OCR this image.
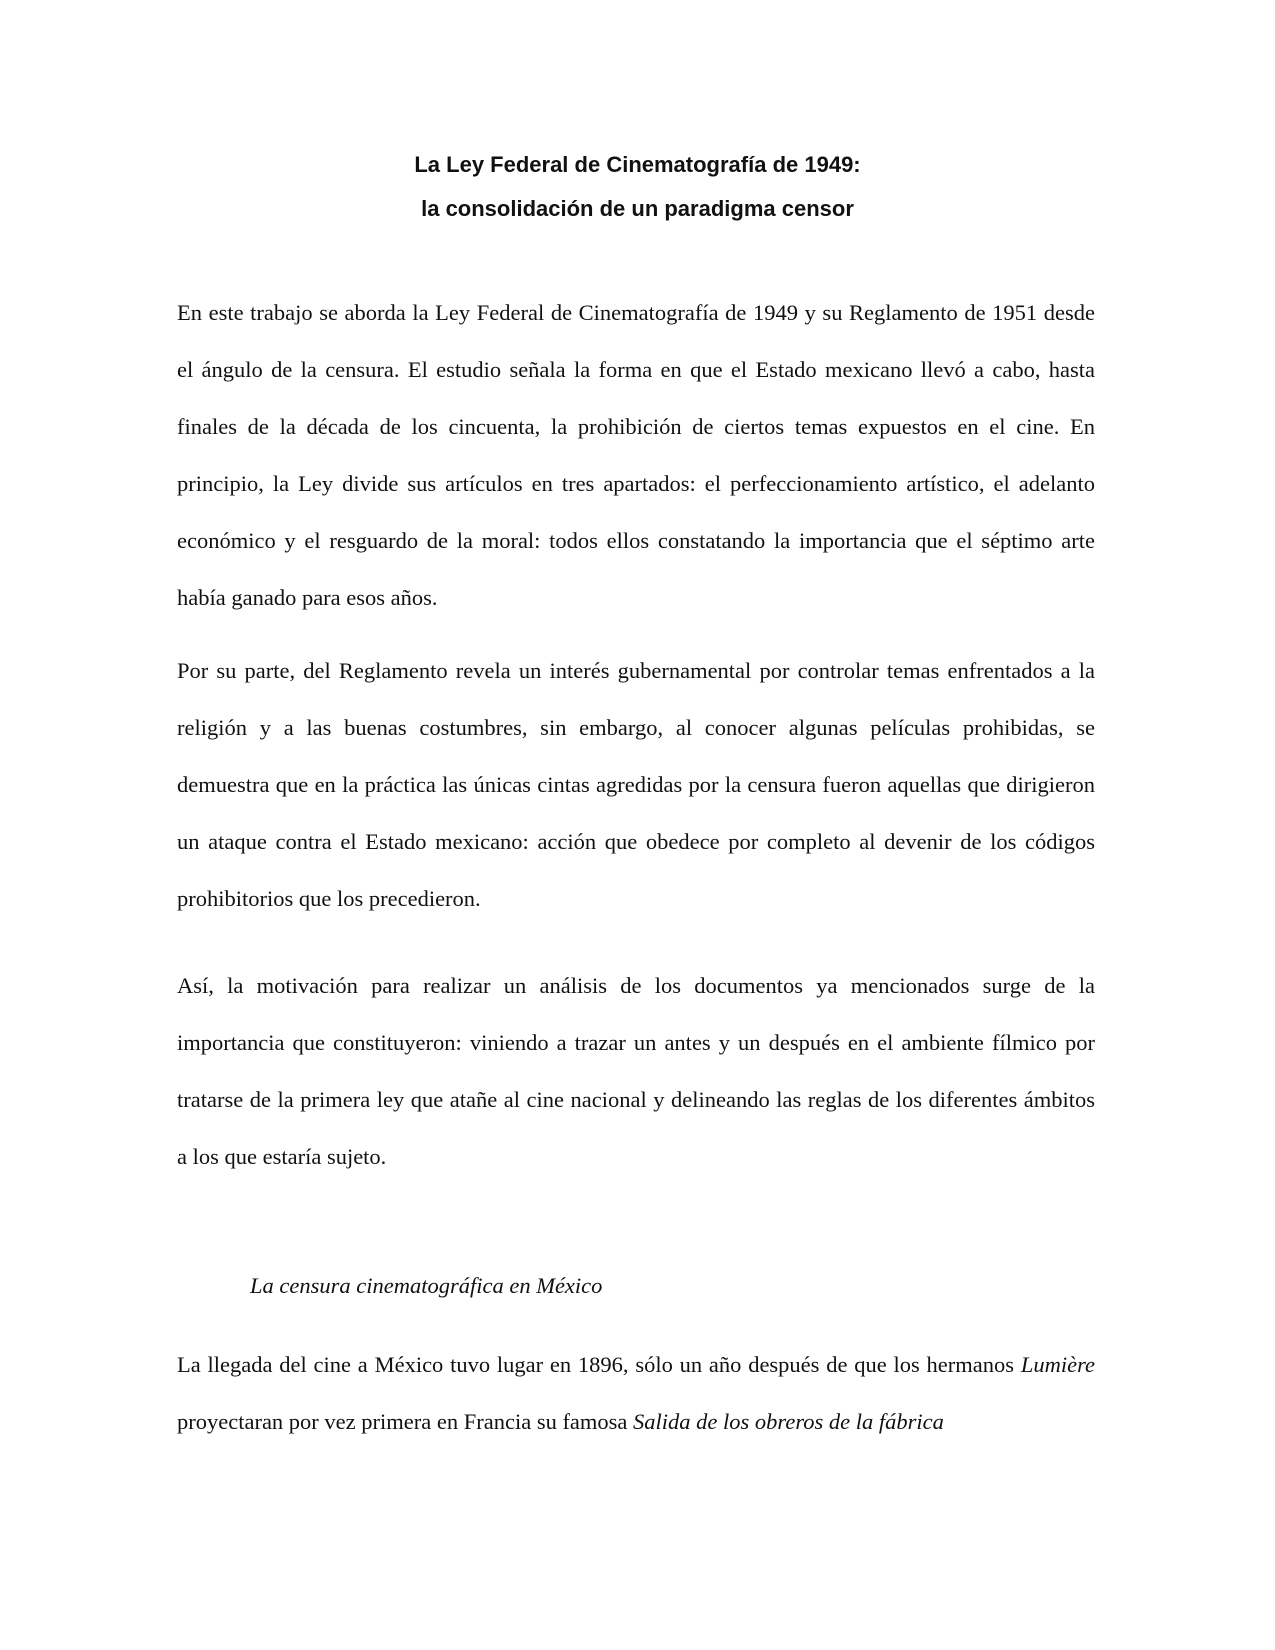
La Ley Federal de Cinematografía de 1949:
la consolidación de un paradigma censor

En este trabajo se aborda la Ley Federal de Cinematografía de 1949 y su Reglamento de 1951 desde el ángulo de la censura. El estudio señala la forma en que el Estado mexicano llevó a cabo, hasta finales de la década de los cincuenta, la prohibición de ciertos temas expuestos en el cine. En principio, la Ley divide sus artículos en tres apartados: el perfeccionamiento artístico, el adelanto económico y el resguardo de la moral: todos ellos constatando la importancia que el séptimo arte había ganado para esos años.

Por su parte, del Reglamento revela un interés gubernamental por controlar temas enfrentados a la religión y a las buenas costumbres, sin embargo, al conocer algunas películas prohibidas, se demuestra que en la práctica las únicas cintas agredidas por la censura fueron aquellas que dirigieron un ataque contra el Estado mexicano: acción que obedece por completo al devenir de los códigos prohibitorios que los precedieron.

Así, la motivación para realizar un análisis de los documentos ya mencionados surge de la importancia que constituyeron: viniendo a trazar un antes y un después en el ambiente fílmico por tratarse de la primera ley que atañe al cine nacional y delineando las reglas de los diferentes ámbitos a los que estaría sujeto.

La censura cinematográfica en México

La llegada del cine a México tuvo lugar en 1896, sólo un año después de que los hermanos Lumière proyectaran por vez primera en Francia su famosa Salida de los obreros de la fábrica
